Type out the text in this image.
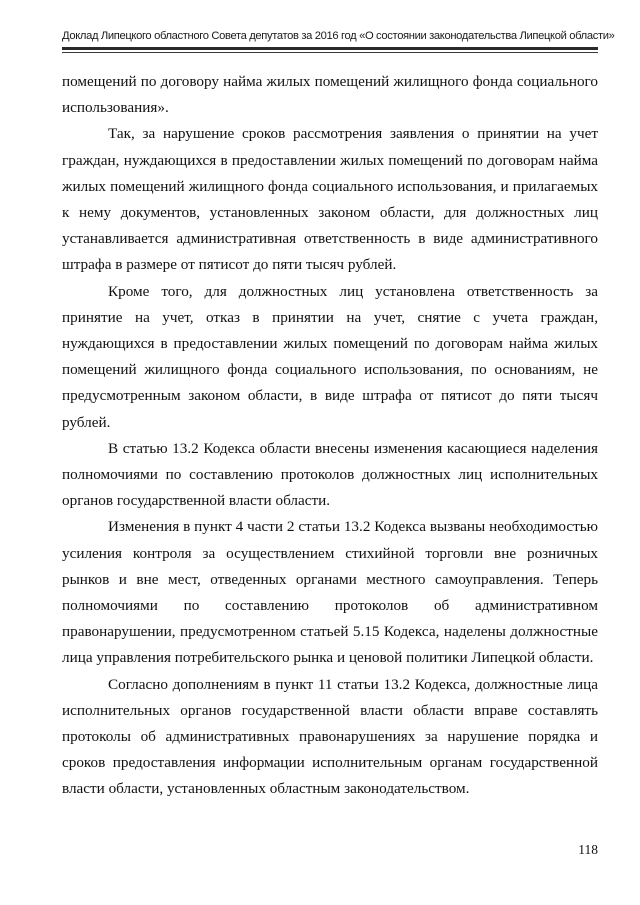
Доклад Липецкого областного Совета депутатов за 2016 год «О состоянии законодательства Липецкой области»

помещений по договору найма жилых помещений жилищного фонда социального использования».

Так, за нарушение сроков рассмотрения заявления о принятии на учет граждан, нуждающихся в предоставлении жилых помещений по договорам найма жилых помещений жилищного фонда социального использования, и прилагаемых к нему документов, установленных законом области, для должностных лиц устанавливается административная ответственность в виде административного штрафа в размере от пятисот до пяти тысяч рублей.

Кроме того, для должностных лиц установлена ответственность за принятие на учет, отказ в принятии на учет, снятие с учета граждан, нуждающихся в предоставлении жилых помещений по договорам найма жилых помещений жилищного фонда социального использования, по основаниям, не предусмотренным законом области, в виде штрафа от пятисот до пяти тысяч рублей.

В статью 13.2 Кодекса области внесены изменения касающиеся наделения полномочиями по составлению протоколов должностных лиц исполнительных органов государственной власти области.

Изменения в пункт 4 части 2 статьи 13.2 Кодекса вызваны необходимостью усиления контроля за осуществлением стихийной торговли вне розничных рынков и вне мест, отведенных органами местного самоуправления. Теперь полномочиями по составлению протоколов об административном правонарушении, предусмотренном статьей 5.15 Кодекса, наделены должностные лица управления потребительского рынка и ценовой политики Липецкой области.

Согласно дополнениям в пункт 11 статьи 13.2 Кодекса, должностные лица исполнительных органов государственной власти области вправе составлять протоколы об административных правонарушениях за нарушение порядка и сроков предоставления информации исполнительным органам государственной власти области, установленных областным законодательством.

118
